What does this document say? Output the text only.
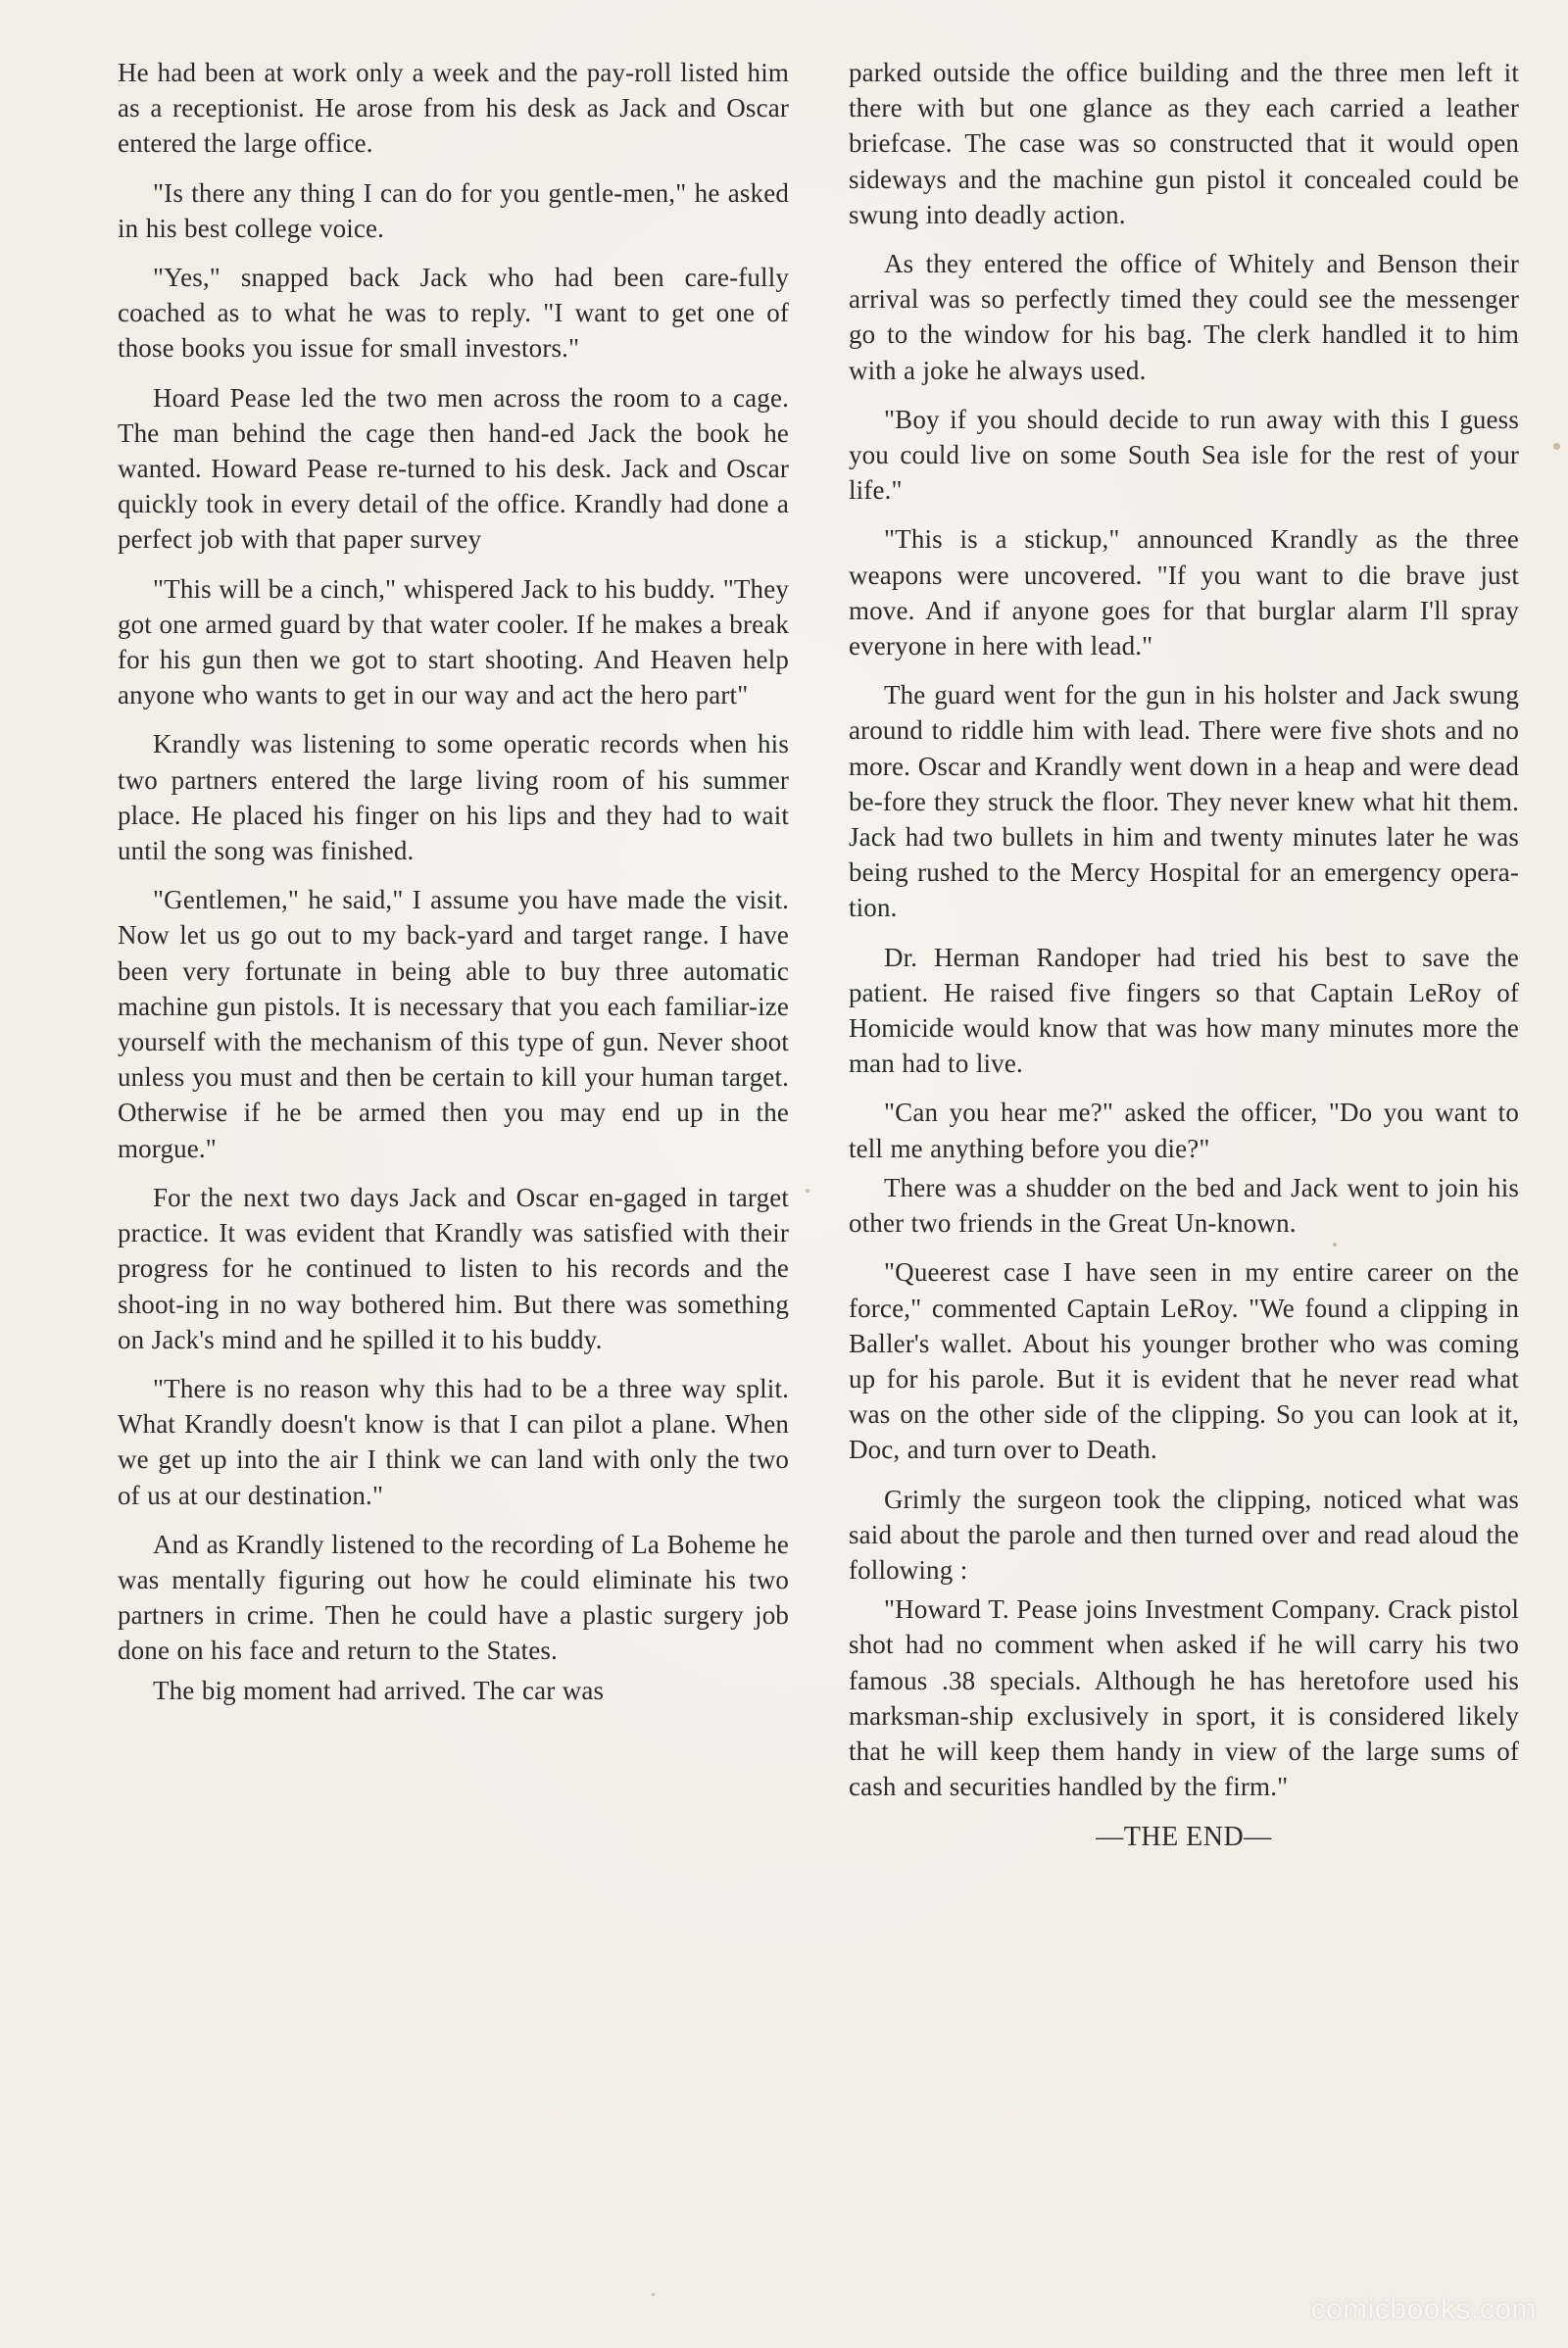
He had been at work only a week and the pay-roll listed him as a receptionist. He arose from his desk as Jack and Oscar entered the large office.

"Is there any thing I can do for you gentle-men," he asked in his best college voice.

"Yes," snapped back Jack who had been care-fully coached as to what he was to reply. "I want to get one of those books you issue for small investors."

Hoard Pease led the two men across the room to a cage. The man behind the cage then hand-ed Jack the book he wanted. Howard Pease re-turned to his desk. Jack and Oscar quickly took in every detail of the office. Krandly had done a perfect job with that paper survey

"This will be a cinch," whispered Jack to his buddy. "They got one armed guard by that water cooler. If he makes a break for his gun then we got to start shooting. And Heaven help anyone who wants to get in our way and act the hero part"

Krandly was listening to some operatic records when his two partners entered the large living room of his summer place. He placed his finger on his lips and they had to wait until the song was finished.

"Gentlemen," he said," I assume you have made the visit. Now let us go out to my back-yard and target range. I have been very fortunate in being able to buy three automatic machine gun pistols. It is necessary that you each familiar-ize yourself with the mechanism of this type of gun. Never shoot unless you must and then be certain to kill your human target. Otherwise if he be armed then you may end up in the morgue."

For the next two days Jack and Oscar en-gaged in target practice. It was evident that Krandly was satisfied with their progress for he continued to listen to his records and the shoot-ing in no way bothered him. But there was something on Jack's mind and he spilled it to his buddy.

"There is no reason why this had to be a three way split. What Krandly doesn't know is that I can pilot a plane. When we get up into the air I think we can land with only the two of us at our destination."

And as Krandly listened to the recording of La Boheme he was mentally figuring out how he could eliminate his two partners in crime. Then he could have a plastic surgery job done on his face and return to the States.

The big moment had arrived. The car was

parked outside the office building and the three men left it there with but one glance as they each carried a leather briefcase. The case was so constructed that it would open sideways and the machine gun pistol it concealed could be swung into deadly action.

As they entered the office of Whitely and Benson their arrival was so perfectly timed they could see the messenger go to the window for his bag. The clerk handled it to him with a joke he always used.

"Boy if you should decide to run away with this I guess you could live on some South Sea isle for the rest of your life."

"This is a stickup," announced Krandly as the three weapons were uncovered. "If you want to die brave just move. And if anyone goes for that burglar alarm I'll spray everyone in here with lead."

The guard went for the gun in his holster and Jack swung around to riddle him with lead. There were five shots and no more. Oscar and Krandly went down in a heap and were dead be-fore they struck the floor. They never knew what hit them. Jack had two bullets in him and twenty minutes later he was being rushed to the Mercy Hospital for an emergency opera-tion.

Dr. Herman Randoper had tried his best to save the patient. He raised five fingers so that Captain LeRoy of Homicide would know that was how many minutes more the man had to live.

"Can you hear me?" asked the officer, "Do you want to tell me anything before you die?"

There was a shudder on the bed and Jack went to join his other two friends in the Great Un-known.

"Queerest case I have seen in my entire career on the force," commented Captain LeRoy. "We found a clipping in Baller's wallet. About his younger brother who was coming up for his parole. But it is evident that he never read what was on the other side of the clipping. So you can look at it, Doc, and turn over to Death.

Grimly the surgeon took the clipping, noticed what was said about the parole and then turned over and read aloud the following :

"Howard T. Pease joins Investment Company. Crack pistol shot had no comment when asked if he will carry his two famous .38 specials. Although he has heretofore used his marksman-ship exclusively in sport, it is considered likely that he will keep them handy in view of the large sums of cash and securities handled by the firm."

—THE END—
comicbooks.com
